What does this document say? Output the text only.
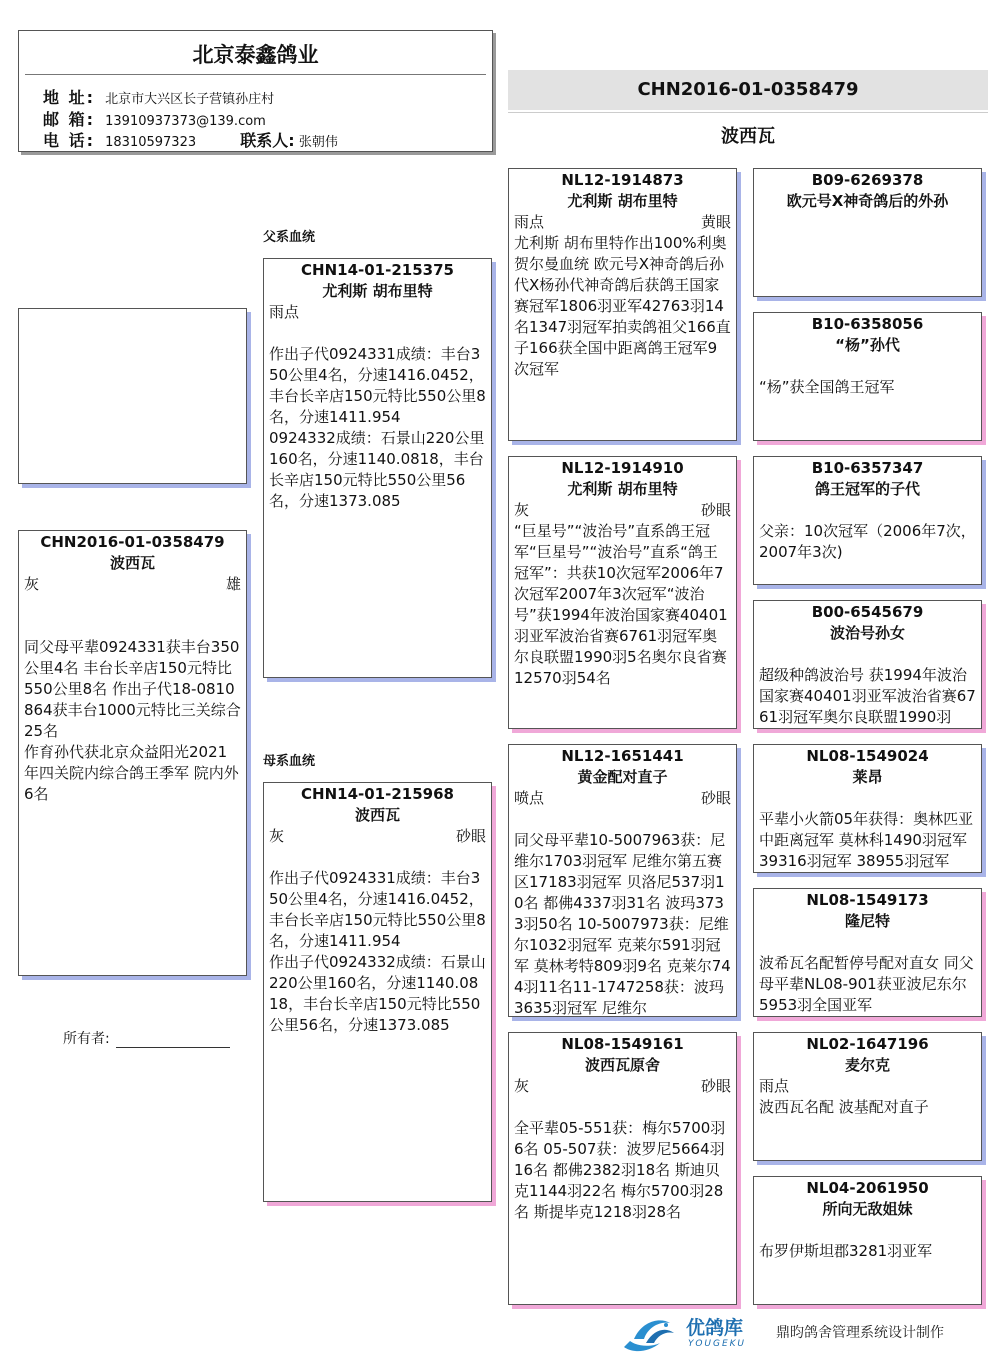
北京泰鑫鸽业
地 址: 北京市大兴区长子营镇孙庄村
邮 箱: 13910937373@139.com
电 话: 18310597323	联系人: 张朝伟
CHN2016-01-0358479
波西瓦
CHN2016-01-0358479
波西瓦
灰	雄
同父母平辈0924331获丰台350公里4名 丰台长辛店150元特比550公里8名 作出子代18-0810864获丰台1000元特比三关综合25名
作育孙代获北京众益阳光2021年四关院内综合鸽王季军 院内外6名
所有者:
父系血统
母系血统
CHN14-01-215375
尤利斯 胡布里特
雨点
作出子代0924331成绩：丰台350公里4名，分速1416.0452，丰台长辛店150元特比550公里8名，分速1411.954
0924332成绩：石景山220公里160名，分速1140.0818，丰台长辛店150元特比550公里56名，分速1373.085
CHN14-01-215968
波西瓦
灰	砂眼
作出子代0924331成绩：丰台350公里4名，分速1416.0452，丰台长辛店150元特比550公里8名，分速1411.954
作出子代0924332成绩：石景山220公里160名，分速1140.0818，丰台长辛店150元特比550公里56名，分速1373.085
NL12-1914873
尤利斯 胡布里特
雨点	黄眼
尤利斯 胡布里特作出100%利奥 贺尔曼血统 欧元号X神奇鸽后孙代X杨孙代神奇鸽后获鸽王国家赛冠军1806羽亚军42763羽14名1347羽冠军拍卖鸽祖父166直子166获全国中距离鸽王冠军9次冠军
NL12-1914910
尤利斯 胡布里特
灰	砂眼
“巨星号”“波治号”直系鸽王冠军“巨星号”“波治号”直系“鸽王冠军”：共获10次冠军2006年7次冠军2007年3次冠军“波治号”获1994年波治国家赛40401羽亚军波治省赛6761羽冠军奥尔良联盟1990羽5名奥尔良省赛12570羽54名
NL12-1651441
黄金配对直子
喷点	砂眼
同父母平辈10-5007963获：尼维尔1703羽冠军 尼维尔第五赛区17183羽冠军 贝洛尼537羽10名 都佛4337羽31名 波玛3733羽50名 10-5007973获：尼维尔1032羽冠军 克莱尔591羽冠军 莫林考特809羽9名 克莱尔744羽11名11-1747258获：波玛3635羽冠军 尼维尔
NL08-1549161
波西瓦原舍
灰	砂眼
全平辈05-551获：梅尔5700羽6名 05-507获：波罗尼5664羽16名 都佛2382羽18名 斯迪贝克1144羽22名 梅尔5700羽28名 斯提毕克1218羽28名
B09-6269378
欧元号X神奇鸽后的外孙
B10-6358056
“杨”孙代
“杨”获全国鸽王冠军
B10-6357347
鸽王冠军的子代
父亲：10次冠军（2006年7次，2007年3次)
B00-6545679
波治号孙女
超级种鸽波治号 获1994年波治国家赛40401羽亚军波治省赛6761羽冠军奥尔良联盟1990羽
NL08-1549024
莱昂
平辈小火箭05年获得：奥林匹亚中距离冠军 莫林科1490羽冠军 39316羽冠军 38955羽冠军
NL08-1549173
隆尼特
波希瓦名配暂停号配对直女 同父母平辈NL08-901获亚波尼东尔5953羽全国亚军
NL02-1647196
麦尔克
雨点
波西瓦名配 波基配对直子
NL04-2061950
所向无敌姐妹
布罗伊斯坦郡3281羽亚军
优鸽库
YOUGEKU
鼎昀鸽舍管理系统设计制作
